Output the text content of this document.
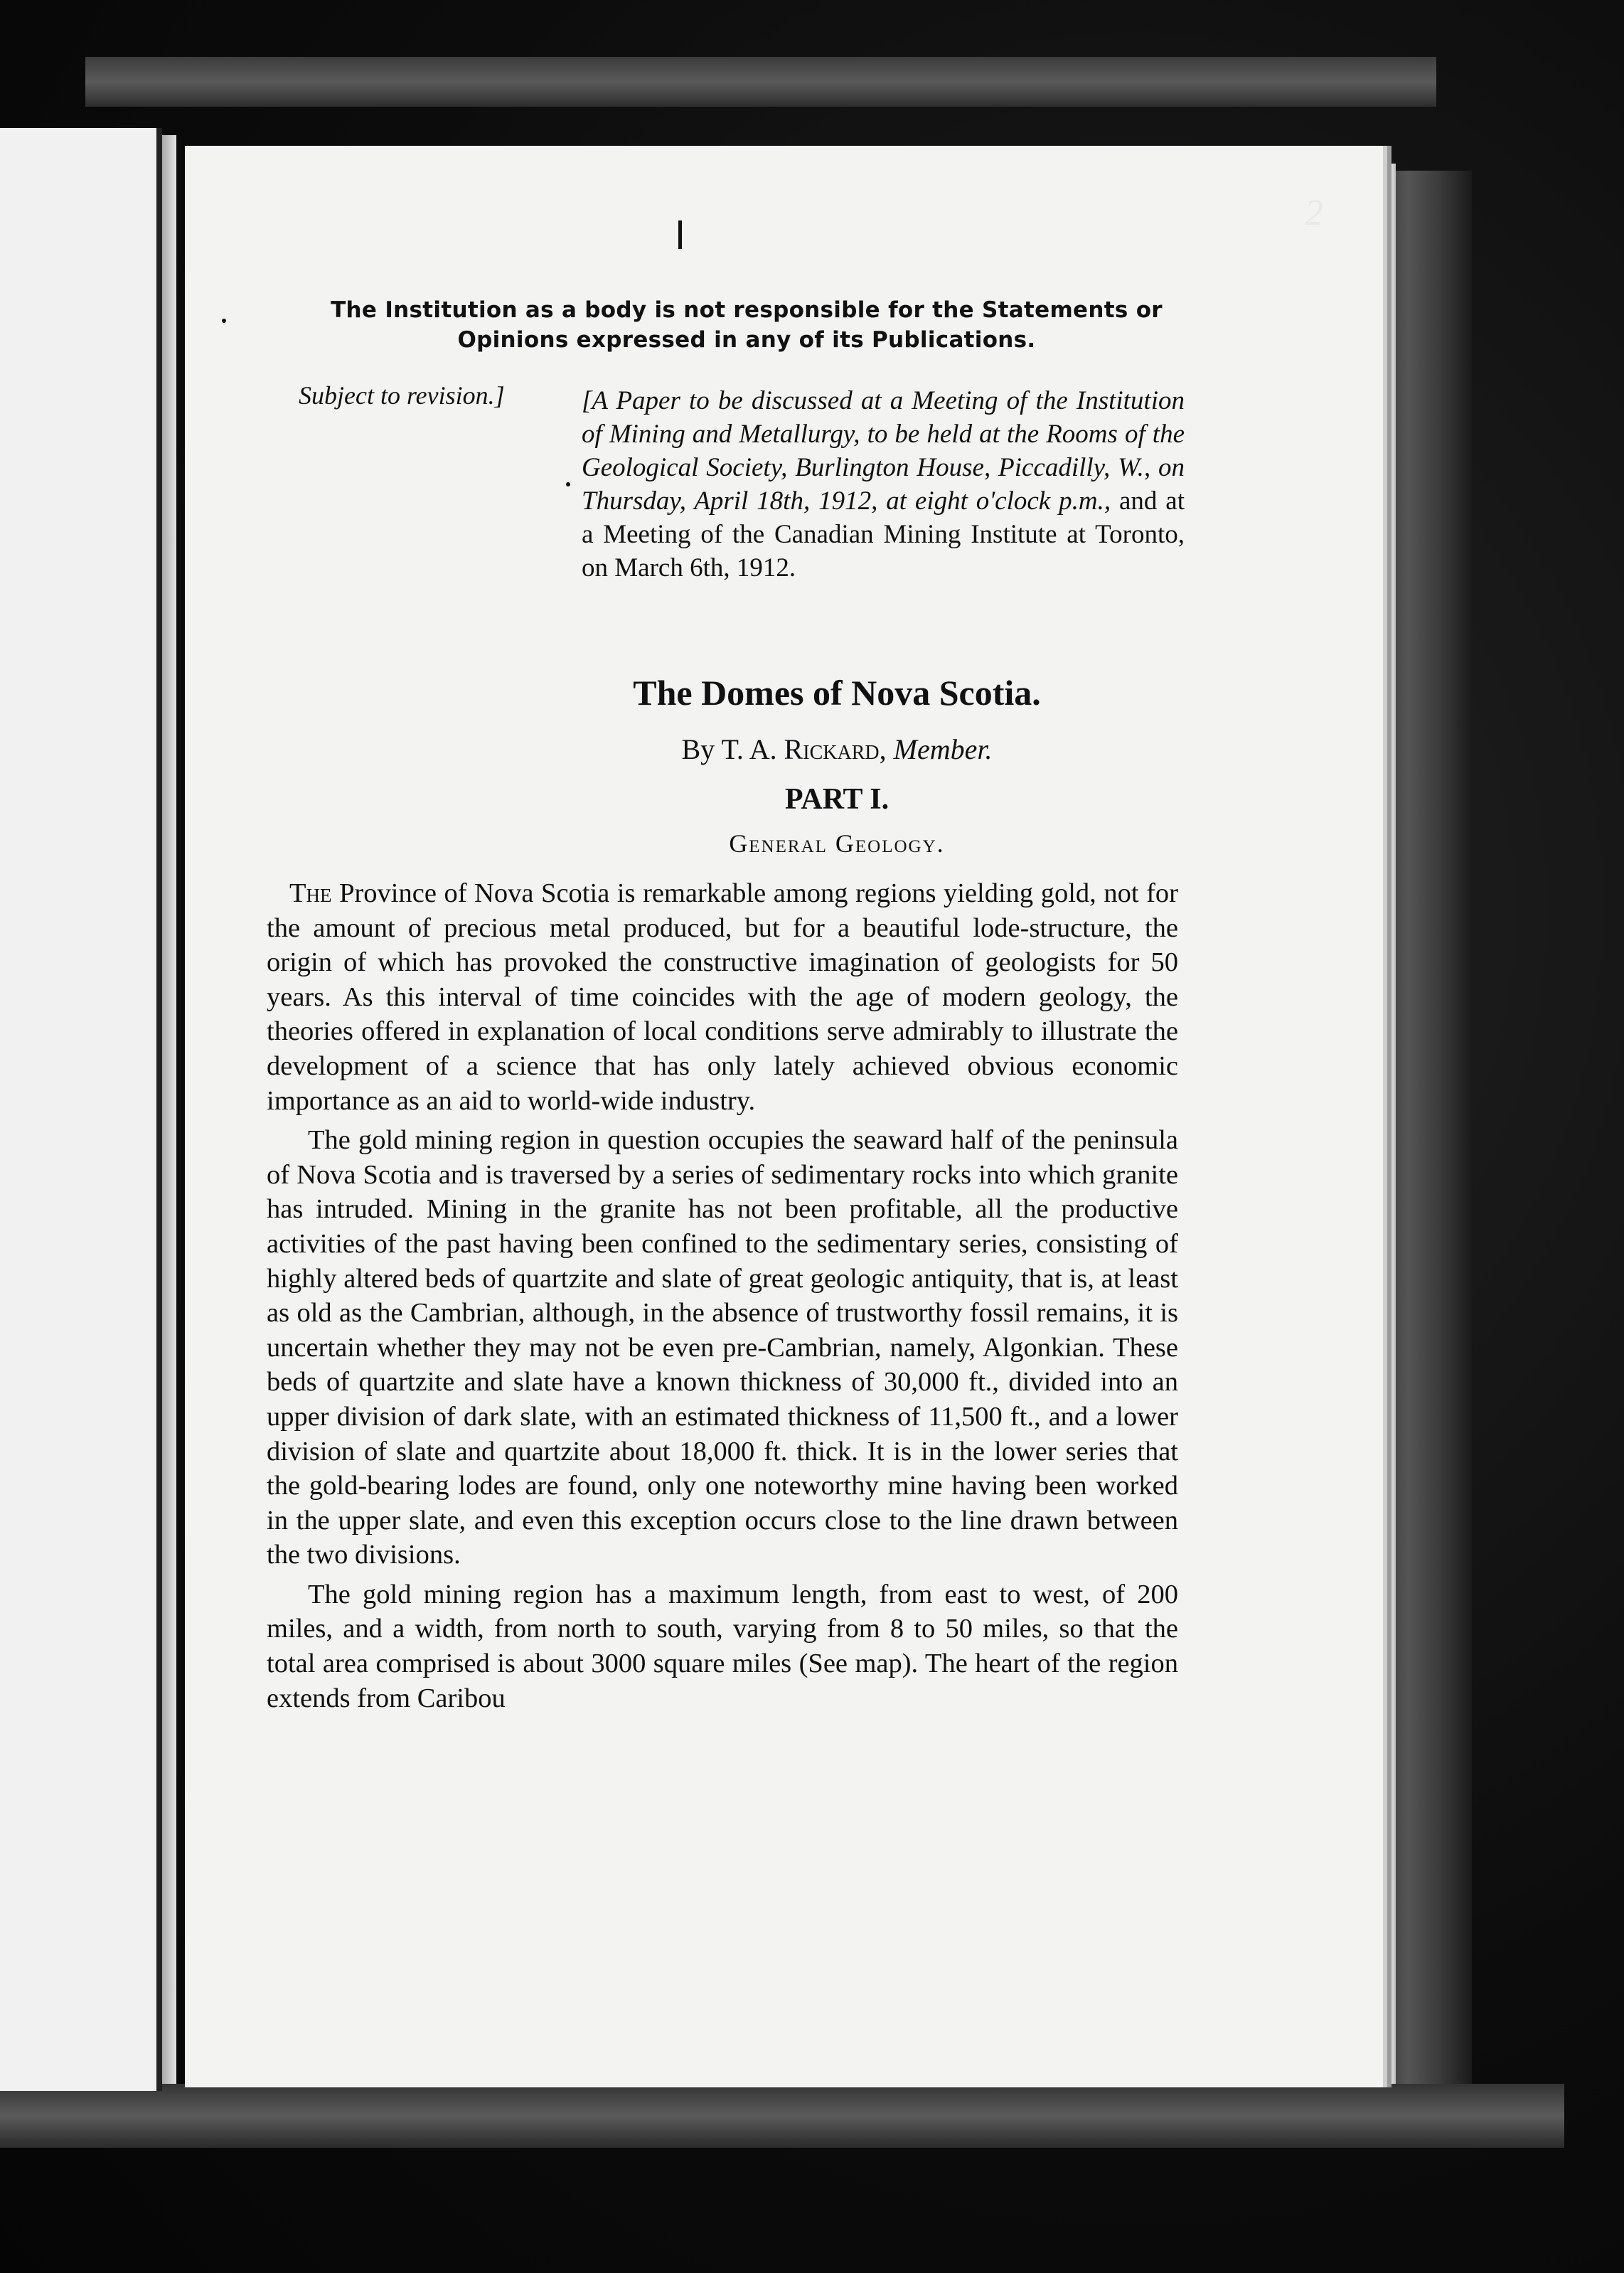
2
The Institution as a body is not responsible for the Statements or Opinions expressed in any of its Publications.
Subject to revision.]	[A Paper to be discussed at a Meeting of the Institution of Mining and Metallurgy, to be held at the Rooms of the Geological Society, Burlington House, Piccadilly, W., on Thursday, April 18th, 1912, at eight o'clock p.m., and at a Meeting of the Canadian Mining Institute at Toronto, on March 6th, 1912.
The Domes of Nova Scotia.
By T. A. Rickard, Member.
PART I.
General Geology.

The Province of Nova Scotia is remarkable among regions yielding gold, not for the amount of precious metal produced, but for a beautiful lode-structure, the origin of which has provoked the constructive imagination of geologists for 50 years. As this interval of time coincides with the age of modern geology, the theories offered in explanation of local conditions serve admirably to illustrate the development of a science that has only lately achieved obvious economic importance as an aid to world-wide industry.

The gold mining region in question occupies the seaward half of the peninsula of Nova Scotia and is traversed by a series of sedimentary rocks into which granite has intruded. Mining in the granite has not been profitable, all the productive activities of the past having been confined to the sedimentary series, consisting of highly altered beds of quartzite and slate of great geologic antiquity, that is, at least as old as the Cambrian, although, in the absence of trustworthy fossil remains, it is uncertain whether they may not be even pre-Cambrian, namely, Algonkian. These beds of quartzite and slate have a known thickness of 30,000 ft., divided into an upper division of dark slate, with an estimated thickness of 11,500 ft., and a lower division of slate and quartzite about 18,000 ft. thick. It is in the lower series that the gold-bearing lodes are found, only one noteworthy mine having been worked in the upper slate, and even this exception occurs close to the line drawn between the two divisions.

The gold mining region has a maximum length, from east to west, of 200 miles, and a width, from north to south, varying from 8 to 50 miles, so that the total area comprised is about 3000 square miles (See map). The heart of the region extends from Caribou
